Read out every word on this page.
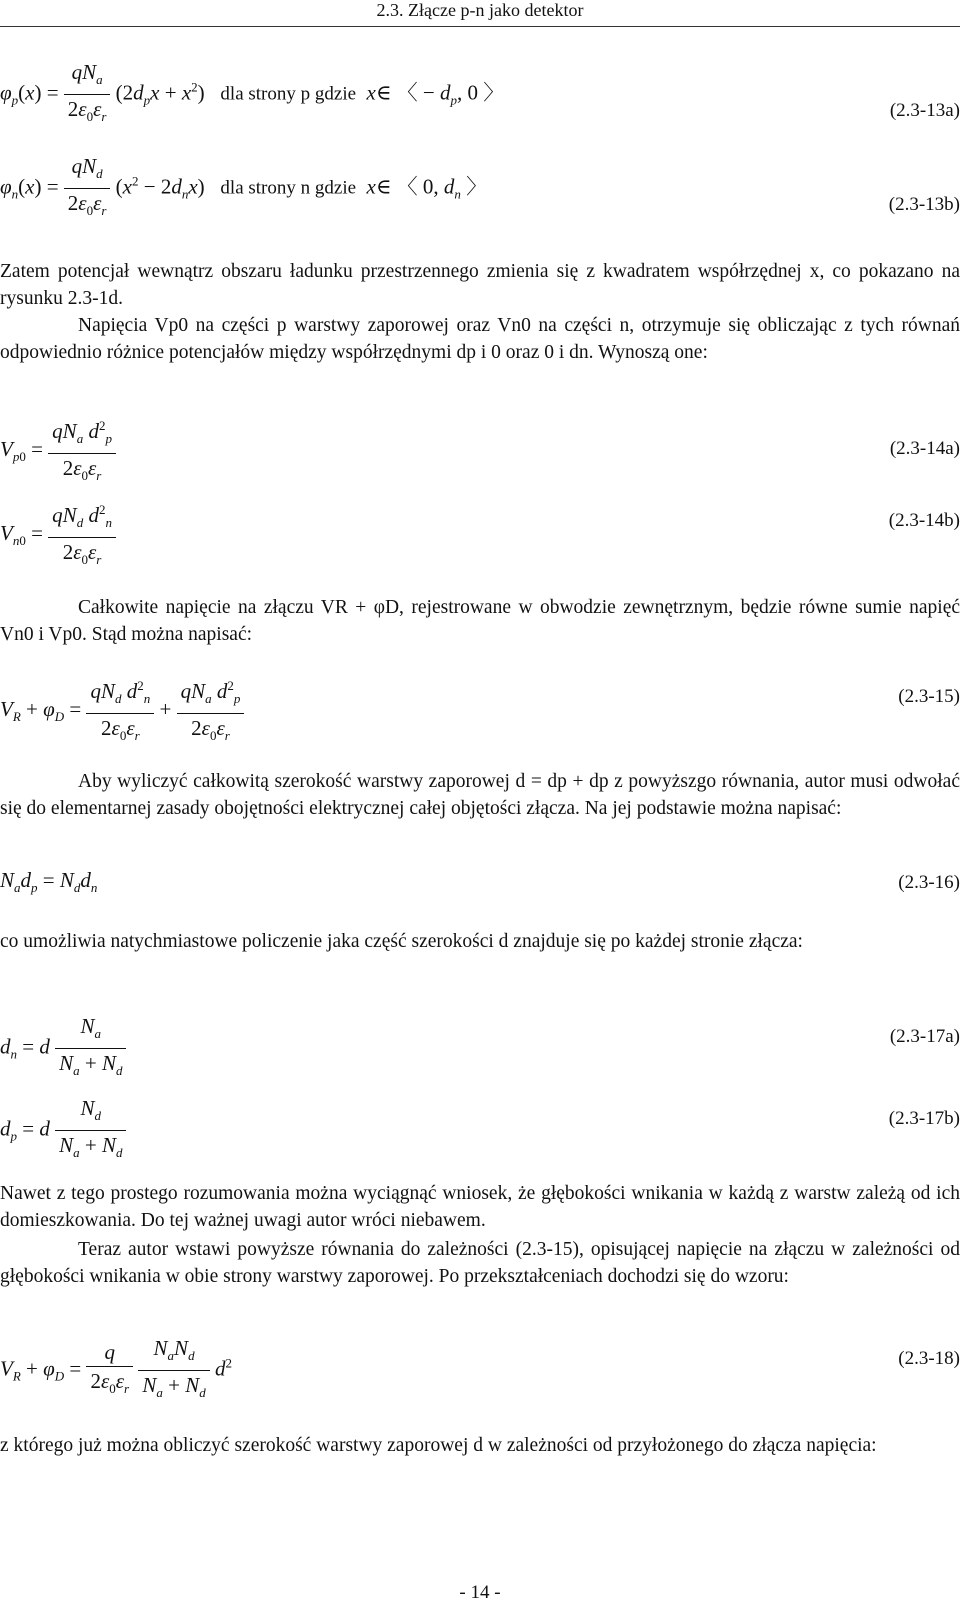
2.3. Złącze p-n jako detektor
$\varphi_p(x) = \frac{qN_a}{2\varepsilon_0\varepsilon_r} (2d_px + x^2)$   dla strony p gdzie x∈ 〈 − $d_p$, 0 〉
(2.3-13a)
$\varphi_n(x) = \frac{qN_d}{2\varepsilon_0\varepsilon_r} (x^2 - 2d_nx)$   dla strony n gdzie x∈ 〈 0, $d_n$ 〉
(2.3-13b)
Zatem potencjał wewnątrz obszaru ładunku przestrzennego zmienia się z kwadratem współrzędnej x, co pokazano na rysunku 2.3-1d.
Napięcia Vp0 na części p warstwy zaporowej oraz Vn0 na części n, otrzymuje się obliczając z tych równań odpowiednio różnice potencjałów między współrzędnymi dp i 0 oraz 0 i dn. Wynoszą one:
$V_{p0} = \frac{qN_a d^2_p}{2\varepsilon_0\varepsilon_r}$	(2.3-14a)
$V_{n0} = \frac{qN_d d^2_n}{2\varepsilon_0\varepsilon_r}$	(2.3-14b)
Całkowite napięcie na złączu VR + φD, rejestrowane w obwodzie zewnętrznym, będzie równe sumie napięć Vn0 i Vp0. Stąd można napisać:
$V_R + \varphi_D = \frac{qN_d d^2_n}{2\varepsilon_0\varepsilon_r} + \frac{qN_a d^2_p}{2\varepsilon_0\varepsilon_r}$	(2.3-15)
Aby wyliczyć całkowitą szerokość warstwy zaporowej d = dp + dp z powyższgo równania, autor musi odwołać się do elementarnej zasady obojętności elektrycznej całej objętości złącza. Na jej podstawie można napisać:
$N_ad_p = N_dd_n$	(2.3-16)
co umożliwia natychmiastowe policzenie jaka część szerokości d znajduje się po każdej stronie złącza:
$d_n = d \frac{N_a}{N_a + N_d}$	(2.3-17a)
$d_p = d \frac{N_d}{N_a + N_d}$	(2.3-17b)
Nawet z tego prostego rozumowania można wyciągnąć wniosek, że głębokości wnikania w każdą z warstw zależą od ich domieszkowania. Do tej ważnej uwagi autor wróci niebawem.
Teraz autor wstawi powyższe równania do zależności (2.3-15), opisującej napięcie na złączu w zależności od głębokości wnikania w obie strony warstwy zaporowej. Po przekształceniach dochodzi się do wzoru:
$V_R + \varphi_D = \frac{q}{2\varepsilon_0\varepsilon_r}$
$\frac{N_aN_d}{N_a + N_d} d^2$	(2.3-18)
z którego już można obliczyć szerokość warstwy zaporowej d w zależności od przyłożonego do złącza napięcia:
- 14 -
